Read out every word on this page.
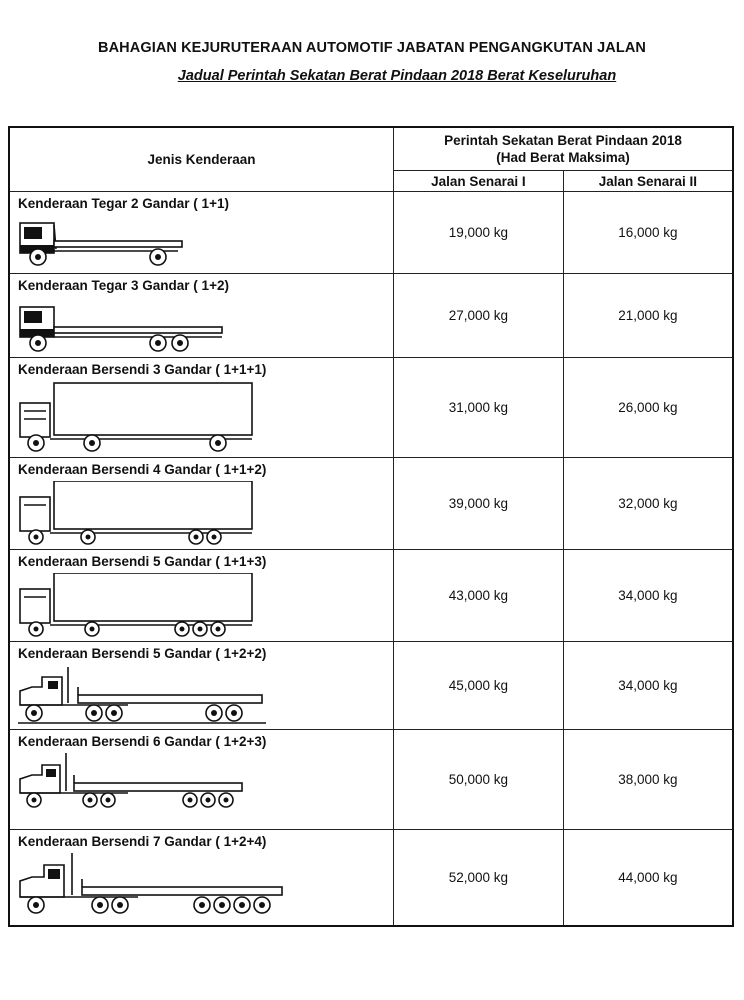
BAHAGIAN KEJURUTERAAN AUTOMOTIF JABATAN PENGANGKUTAN JALAN
Jadual Perintah Sekatan Berat Pindaan 2018 Berat Keseluruhan
Jenis Kenderaan	Perintah Sekatan Berat Pindaan 2018
(Had Berat Maksima)	
	Jalan Senarai I	Jalan Senarai II

Kenderaan Tegar 2 Gandar ( 1+1)	19,000 kg	16,000 kg

Kenderaan Tegar 3 Gandar ( 1+2)	27,000 kg	21,000 kg

Kenderaan Bersendi 3 Gandar ( 1+1+1)	31,000 kg	26,000 kg

Kenderaan Bersendi 4 Gandar ( 1+1+2)	39,000 kg	32,000 kg

Kenderaan Bersendi 5 Gandar ( 1+1+3)	43,000 kg	34,000 kg

Kenderaan Bersendi 5 Gandar ( 1+2+2)	45,000 kg	34,000 kg

Kenderaan Bersendi 6 Gandar ( 1+2+3)	50,000 kg	38,000 kg

Kenderaan Bersendi 7 Gandar ( 1+2+4)	52,000 kg	44,000 kg
